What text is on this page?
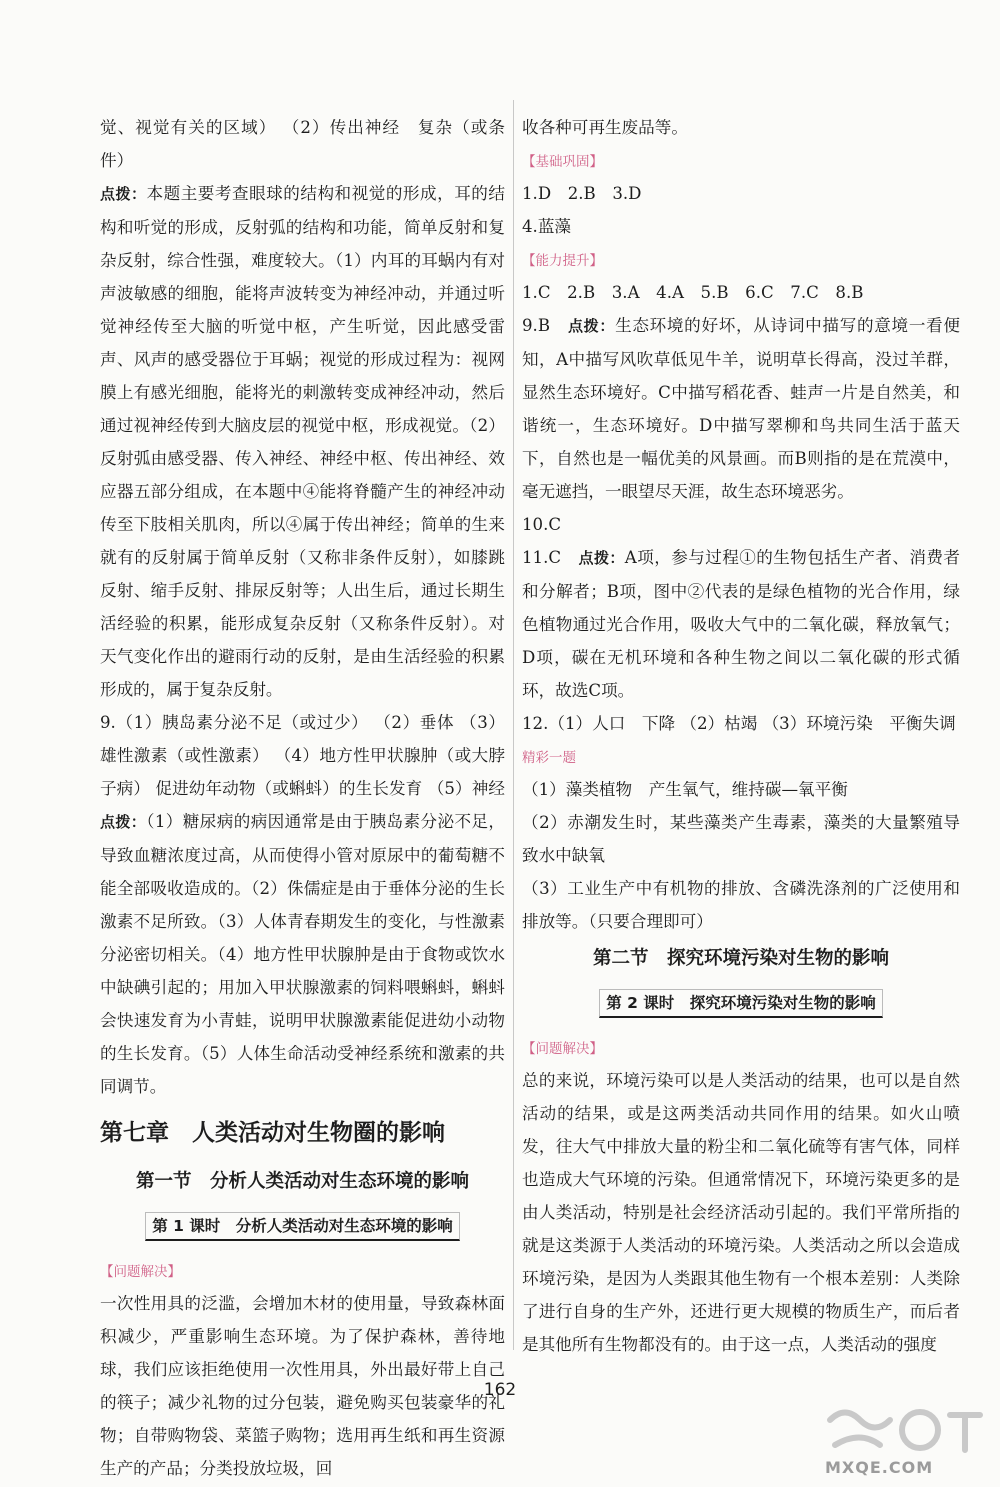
觉、视觉有关的区域） （2）传出神经　复杂（或条件）

点拨：本题主要考查眼球的结构和视觉的形成，耳的结构和听觉的形成，反射弧的结构和功能，简单反射和复杂反射，综合性强，难度较大。（1）内耳的耳蜗内有对声波敏感的细胞，能将声波转变为神经冲动，并通过听觉神经传至大脑的听觉中枢，产生听觉，因此感受雷声、风声的感受器位于耳蜗；视觉的形成过程为：视网膜上有感光细胞，能将光的刺激转变成神经冲动，然后通过视神经传到大脑皮层的视觉中枢，形成视觉。（2）反射弧由感受器、传入神经、神经中枢、传出神经、效应器五部分组成，在本题中④能将脊髓产生的神经冲动传至下肢相关肌肉，所以④属于传出神经；简单的生来就有的反射属于简单反射（又称非条件反射），如膝跳反射、缩手反射、排尿反射等；人出生后，通过长期生活经验的积累，能形成复杂反射（又称条件反射）。对天气变化作出的避雨行动的反射，是由生活经验的积累形成的，属于复杂反射。

9.（1）胰岛素分泌不足（或过少） （2）垂体 （3）雄性激素（或性激素） （4）地方性甲状腺肿（或大脖子病） 促进幼年动物（或蝌蚪）的生长发育 （5）神经 点拨：（1）糖尿病的病因通常是由于胰岛素分泌不足，导致血糖浓度过高，从而使得小管对原尿中的葡萄糖不能全部吸收造成的。（2）侏儒症是由于垂体分泌的生长激素不足所致。（3）人体青春期发生的变化，与性激素分泌密切相关。（4）地方性甲状腺肿是由于食物或饮水中缺碘引起的；用加入甲状腺激素的饲料喂蝌蚪，蝌蚪会快速发育为小青蛙，说明甲状腺激素能促进幼小动物的生长发育。（5）人体生命活动受神经系统和激素的共同调节。

第七章　人类活动对生物圈的影响
第一节　分析人类活动对生态环境的影响
第 1 课时　分析人类活动对生态环境的影响
【问题解决】

一次性用具的泛滥，会增加木材的使用量，导致森林面积减少，严重影响生态环境。为了保护森林，善待地球，我们应该拒绝使用一次性用具，外出最好带上自己的筷子；减少礼物的过分包装，避免购买包装豪华的礼物；自带购物袋、菜篮子购物；选用再生纸和再生资源生产的产品；分类投放垃圾，回

收各种可再生废品等。

【基础巩固】

1.D　2.B　3.D

4.蓝藻

【能力提升】

1.C　2.B　3.A　4.A　5.B　6.C　7.C　8.B

9.B　点拨：生态环境的好坏，从诗词中描写的意境一看便知，A中描写风吹草低见牛羊，说明草长得高，没过羊群，显然生态环境好。C中描写稻花香、蛙声一片是自然美，和谐统一，生态环境好。D中描写翠柳和鸟共同生活于蓝天下，自然也是一幅优美的风景画。而B则指的是在荒漠中，毫无遮挡，一眼望尽天涯，故生态环境恶劣。

10.C

11.C　点拨：A项，参与过程①的生物包括生产者、消费者和分解者；B项，图中②代表的是绿色植物的光合作用，绿色植物通过光合作用，吸收大气中的二氧化碳，释放氧气；D项，碳在无机环境和各种生物之间以二氧化碳的形式循环，故选C项。

12.（1）人口　下降 （2）枯竭 （3）环境污染　平衡失调

精彩一题

（1）藻类植物　产生氧气，维持碳—氧平衡

（2）赤潮发生时，某些藻类产生毒素，藻类的大量繁殖导致水中缺氧

（3）工业生产中有机物的排放、含磷洗涤剂的广泛使用和排放等。（只要合理即可）

第二节　探究环境污染对生物的影响
第 2 课时　探究环境污染对生物的影响
【问题解决】

总的来说，环境污染可以是人类活动的结果，也可以是自然活动的结果，或是这两类活动共同作用的结果。如火山喷发，往大气中排放大量的粉尘和二氧化硫等有害气体，同样也造成大气环境的污染。但通常情况下，环境污染更多的是由人类活动，特别是社会经济活动引起的。我们平常所指的就是这类源于人类活动的环境污染。人类活动之所以会造成环境污染，是因为人类跟其他生物有一个根本差别：人类除了进行自身的生产外，还进行更大规模的物质生产，而后者是其他所有生物都没有的。由于这一点，人类活动的强度

162
MXQE.COM
